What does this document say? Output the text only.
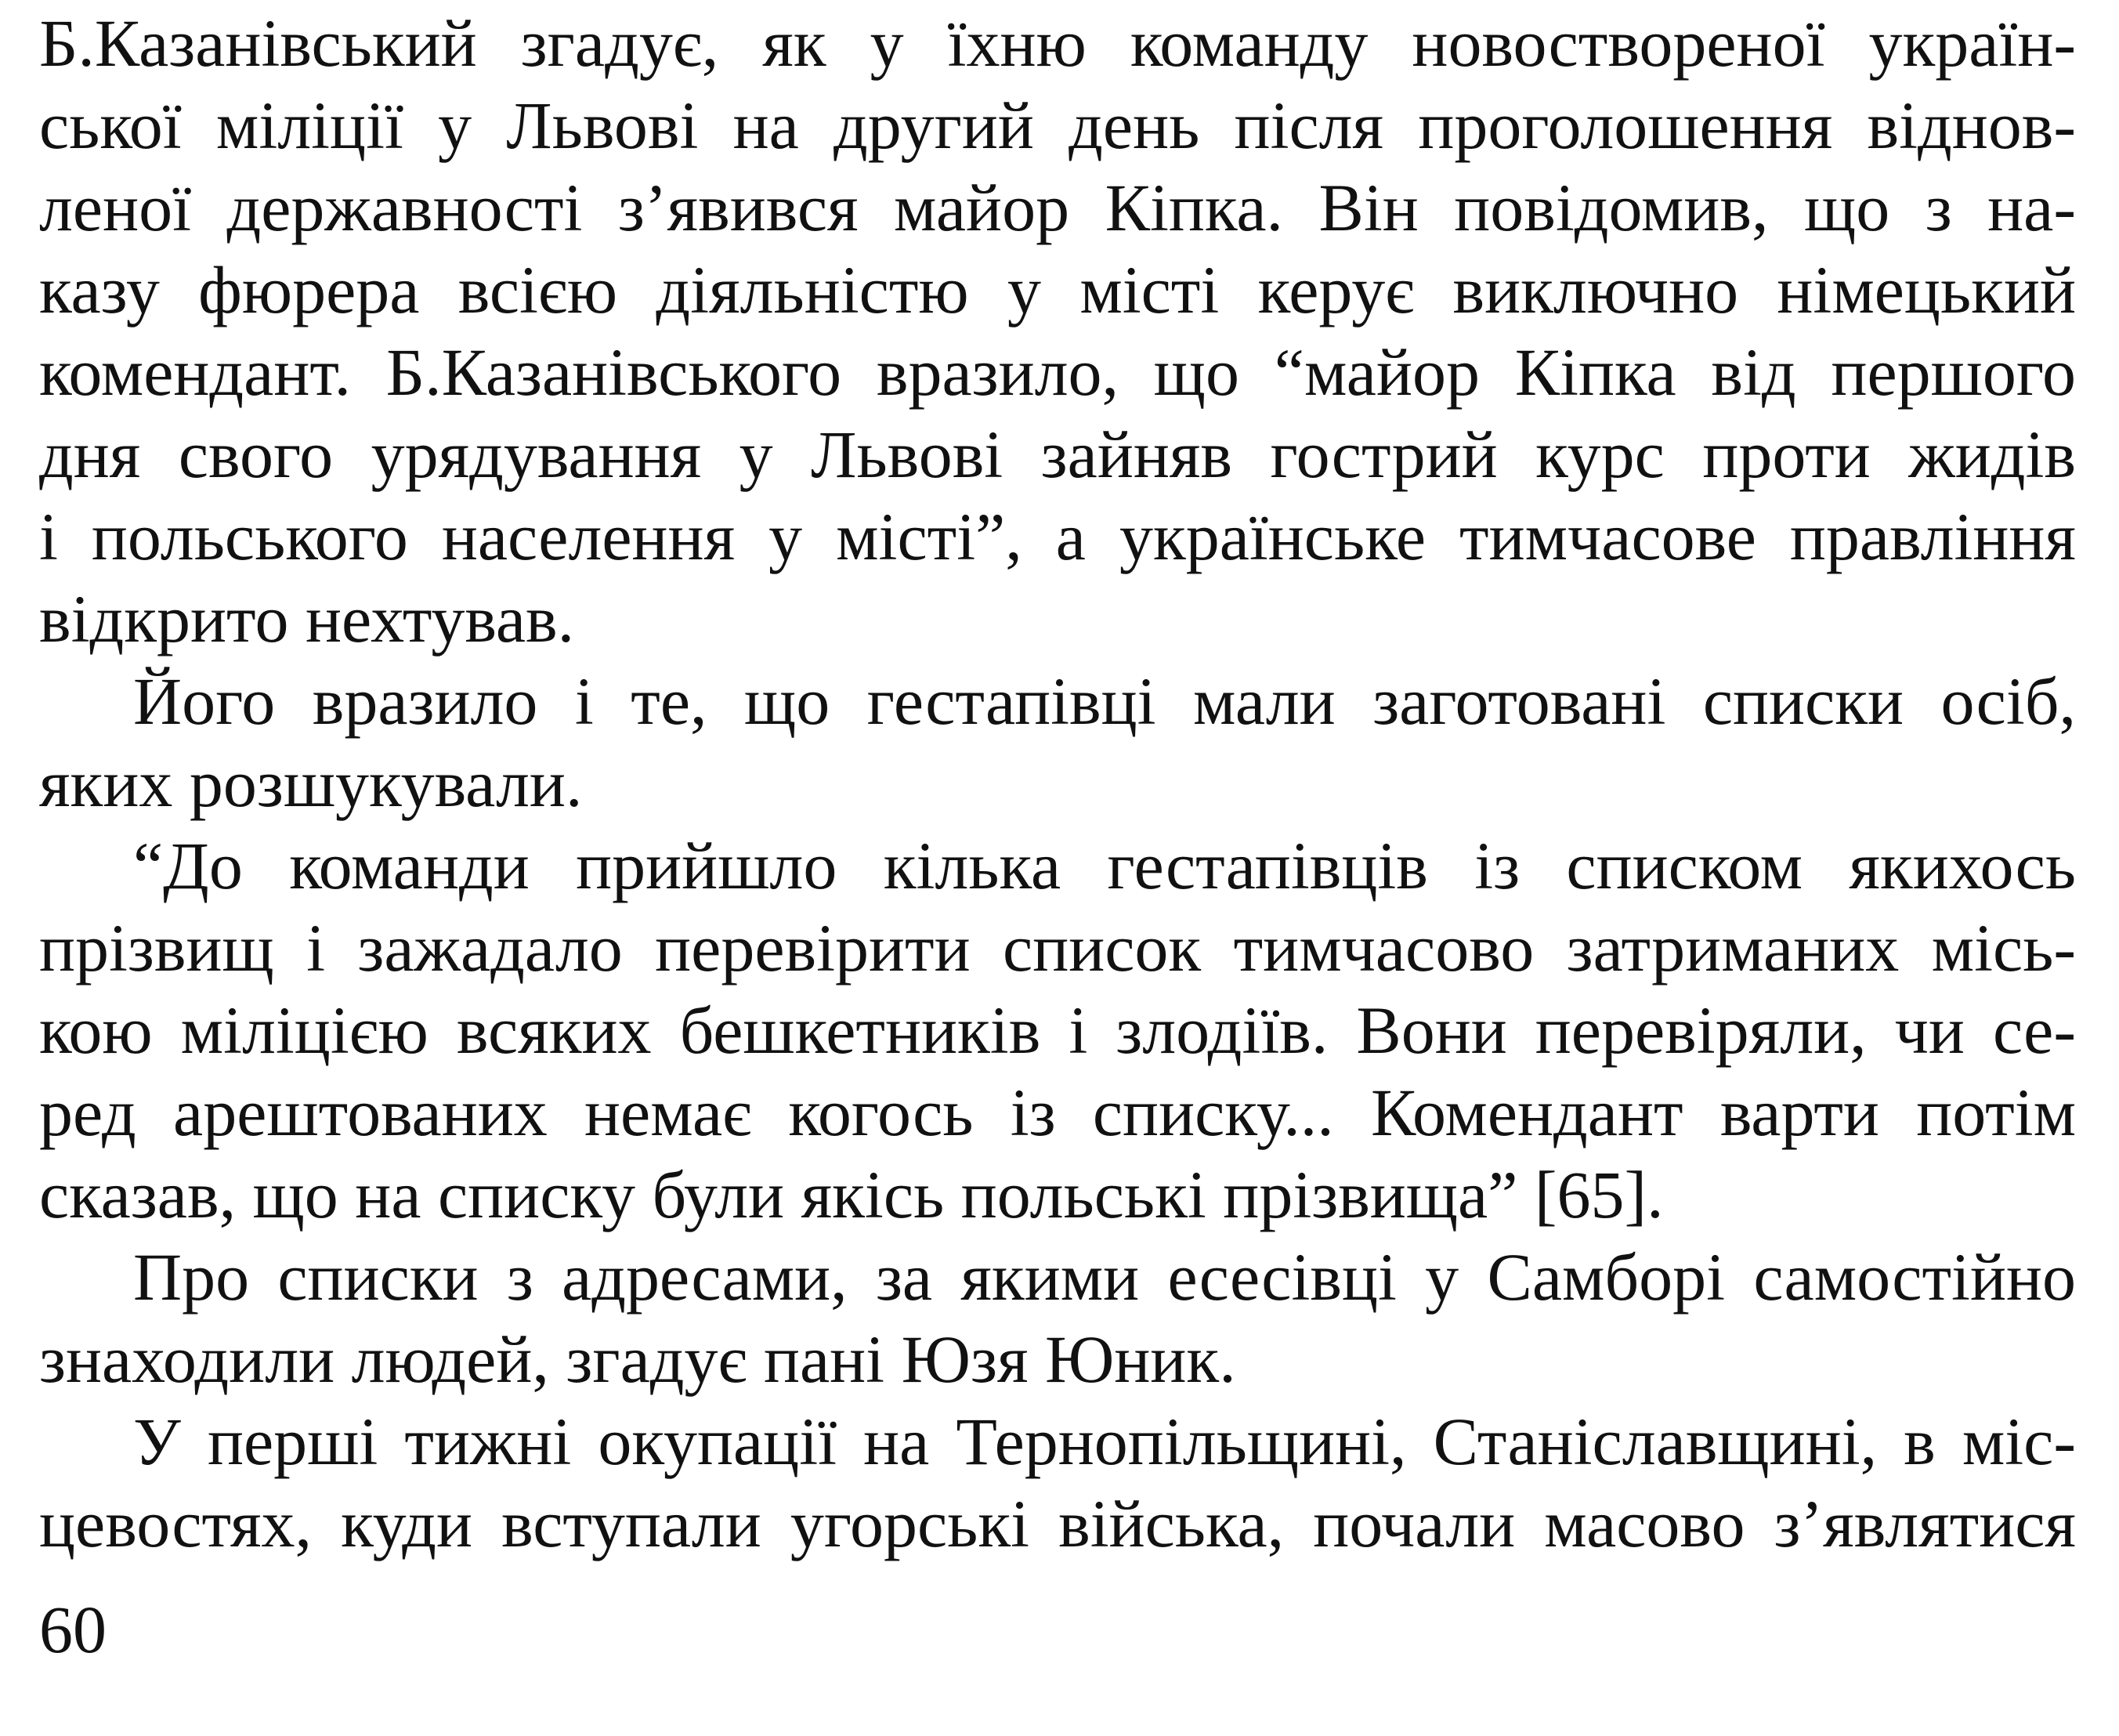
Б.Казанівський згадує, як у їхню команду новоствореної україн-
ської міліції у Львові на другий день після проголошення віднов-
леної державності з’явився майор Кіпка. Він повідомив, що з на-
казу фюрера всією діяльністю у місті керує виключно німецький
комендант. Б.Казанівського вразило, що “майор Кіпка від першого
дня свого урядування у Львові зайняв гострий курс проти жидів
і польського населення у місті”, а українське тимчасове правління
відкрито нехтував.
Його вразило і те, що гестапівці мали заготовані списки осіб,
яких розшукували.
“До команди прийшло кілька гестапівців із списком якихось
прізвищ і зажадало перевірити список тимчасово затриманих місь-
кою міліцією всяких бешкетників і злодіїв. Вони перевіряли, чи се-
ред арештованих немає когось із списку... Комендант варти потім
сказав, що на списку були якісь польські прізвища” [65].
Про списки з адресами, за якими есесівці у Самборі самостійно
знаходили людей, згадує пані Юзя Юник.
У перші тижні окупації на Тернопільщині, Станіславщині, в міс-
цевостях, куди вступали угорські війська, почали масово з’являтися
60
